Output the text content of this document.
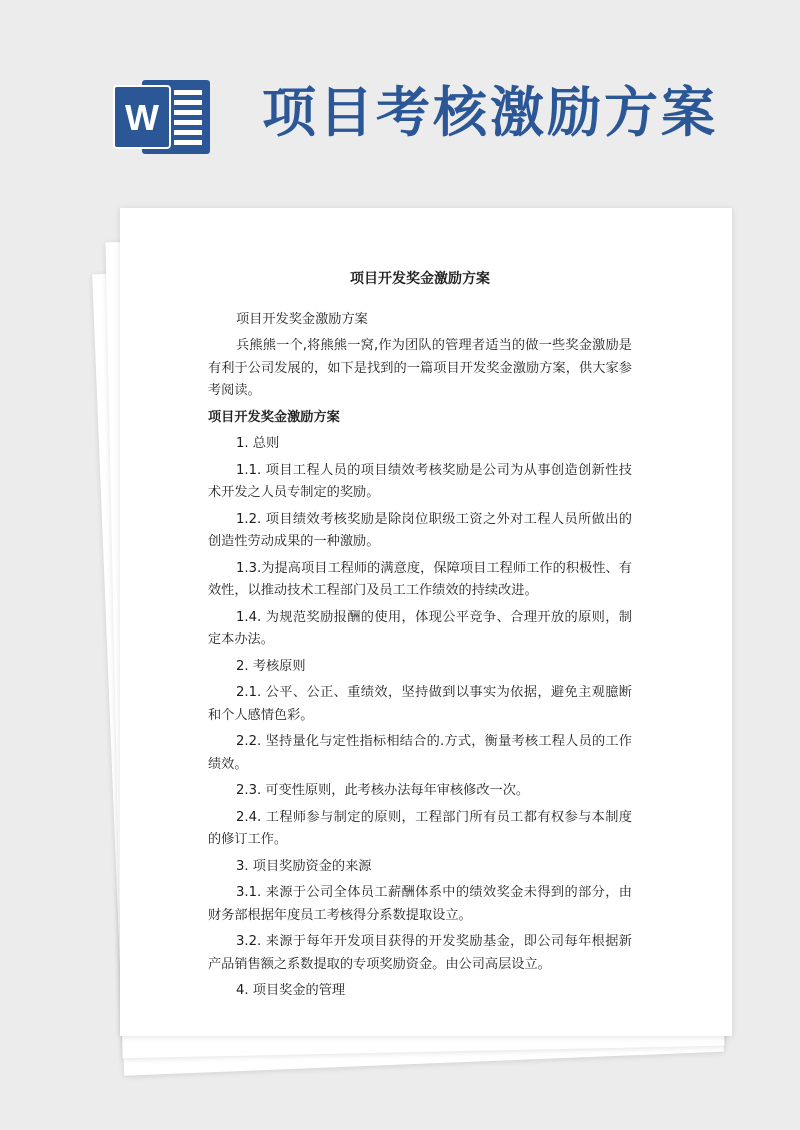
W 项目考核激励方案
项目开发奖金激励方案
项目开发奖金激励方案
兵熊熊一个,将熊熊一窝,作为团队的管理者适当的做一些奖金激励是有利于公司发展的，如下是找到的一篇项目开发奖金激励方案，供大家参考阅读。
项目开发奖金激励方案
1. 总则
1.1. 项目工程人员的项目绩效考核奖励是公司为从事创造创新性技术开发之人员专制定的奖励。
1.2. 项目绩效考核奖励是除岗位职级工资之外对工程人员所做出的创造性劳动成果的一种激励。
1.3.为提高项目工程师的满意度，保障项目工程师工作的积极性、有效性，以推动技术工程部门及员工工作绩效的持续改进。
1.4. 为规范奖励报酬的使用，体现公平竞争、合理开放的原则，制定本办法。
2. 考核原则
2.1. 公平、公正、重绩效，坚持做到以事实为依据，避免主观臆断和个人感情色彩。
2.2. 坚持量化与定性指标相结合的.方式，衡量考核工程人员的工作绩效。
2.3. 可变性原则，此考核办法每年审核修改一次。
2.4. 工程师参与制定的原则，工程部门所有员工都有权参与本制度的修订工作。
3. 项目奖励资金的来源
3.1. 来源于公司全体员工薪酬体系中的绩效奖金未得到的部分，由财务部根据年度员工考核得分系数提取设立。
3.2. 来源于每年开发项目获得的开发奖励基金，即公司每年根据新产品销售额之系数提取的专项奖励资金。由公司高层设立。
4. 项目奖金的管理
